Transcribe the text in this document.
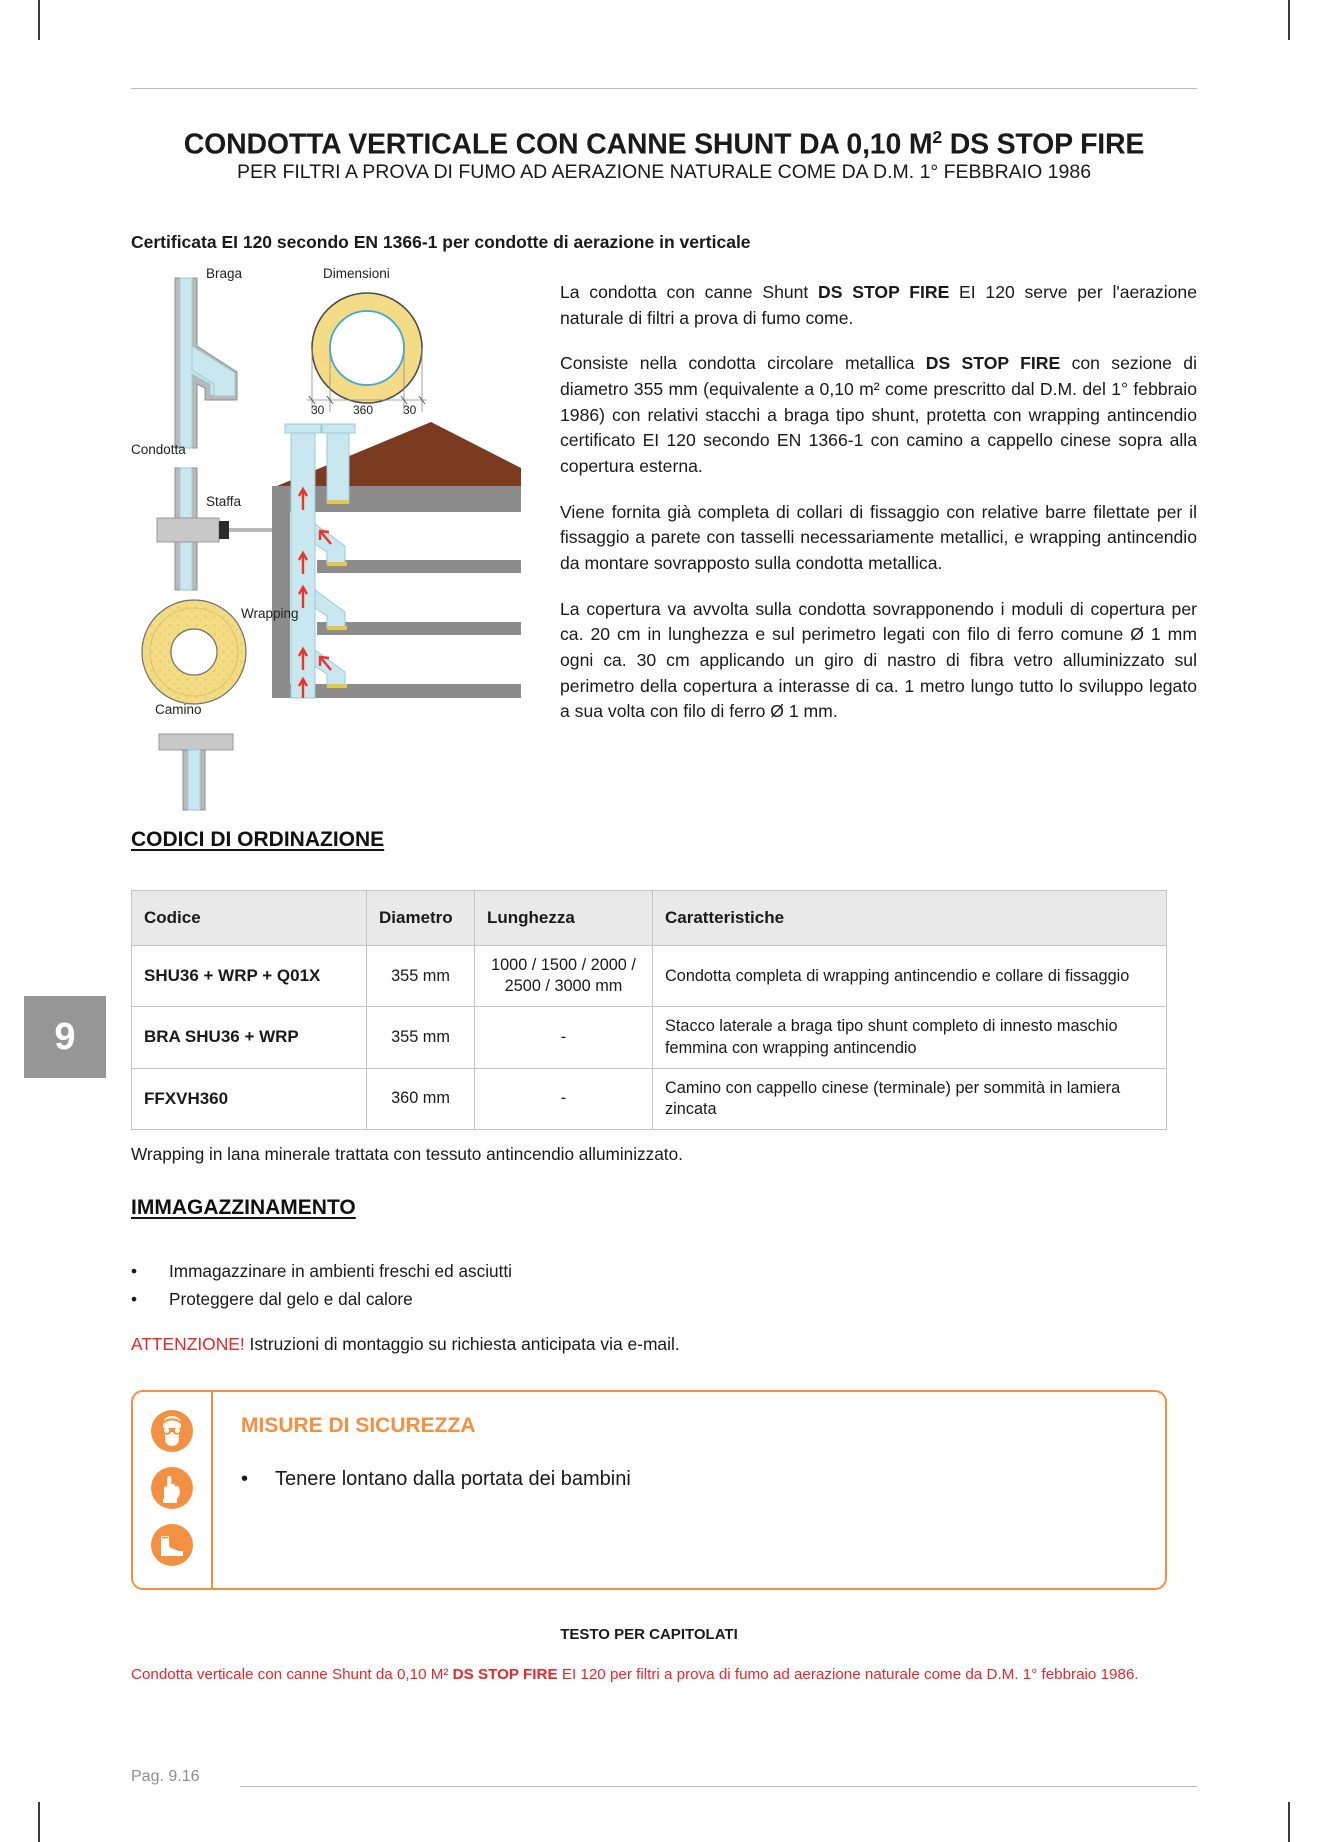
9
CONDOTTA VERTICALE CON CANNE SHUNT DA 0,10 $M^2$ DS STOP FIRE
PER FILTRI A PROVA DI FUMO AD AERAZIONE NATURALE COME DA D.M. 1° FEBBRAIO 1986
Certificata EI 120 secondo EN 1366-1 per condotte di aerazione in verticale
Braga
Condotta
Staffa
Wrapping
Camino
Dimensioni
30 360 30

La condotta con canne Shunt DS STOP FIRE EI 120 serve per l'aerazione naturale di filtri a prova di fumo come.

Consiste nella condotta circolare metallica DS STOP FIRE con sezione di diametro 355 mm (equivalente a 0,10 m² come prescritto dal D.M. del 1° febbraio 1986) con relativi stacchi a braga tipo shunt, protetta con wrapping antincendio certificato EI 120 secondo EN 1366-1 con camino a cappello cinese sopra alla copertura esterna.

Viene fornita già completa di collari di fissaggio con relative barre filettate per il fissaggio a parete con tasselli necessariamente metallici, e wrapping antincendio da montare sovrapposto sulla condotta metallica.

La copertura va avvolta sulla condotta sovrapponendo i moduli di copertura per ca. 20 cm in lunghezza e sul perimetro legati con filo di ferro comune Ø 1 mm ogni ca. 30 cm applicando un giro di nastro di fibra vetro alluminizzato sul perimetro della copertura a interasse di ca. 1 metro lungo tutto lo sviluppo legato a sua volta con filo di ferro Ø 1 mm.

CODICI DI ORDINAZIONE
Codice	Diametro	Lunghezza	Caratteristiche
SHU36 + WRP + Q01X	355 mm	1000 / 1500 / 2000 / 2500 / 3000 mm	Condotta completa di wrapping antincendio e collare di fissaggio
BRA SHU36 + WRP	355 mm	-	Stacco laterale a braga tipo shunt completo di innesto maschio femmina con wrapping antincendio
FFXVH360	360 mm	-	Camino con cappello cinese (terminale) per sommità in lamiera zincata
Wrapping in lana minerale trattata con tessuto antincendio alluminizzato.
IMMAGAZZINAMENTO
•	Immagazzinare in ambienti freschi ed asciutti
•	Proteggere dal gelo e dal calore
ATTENZIONE! Istruzioni di montaggio su richiesta anticipata via e-mail.
MISURE DI SICUREZZA
•	Tenere lontano dalla portata dei bambini
TESTO PER CAPITOLATI
Condotta verticale con canne Shunt da 0,10 M² DS STOP FIRE EI 120 per filtri a prova di fumo ad aerazione naturale come da D.M. 1° febbraio 1986.
Pag. 9.16
